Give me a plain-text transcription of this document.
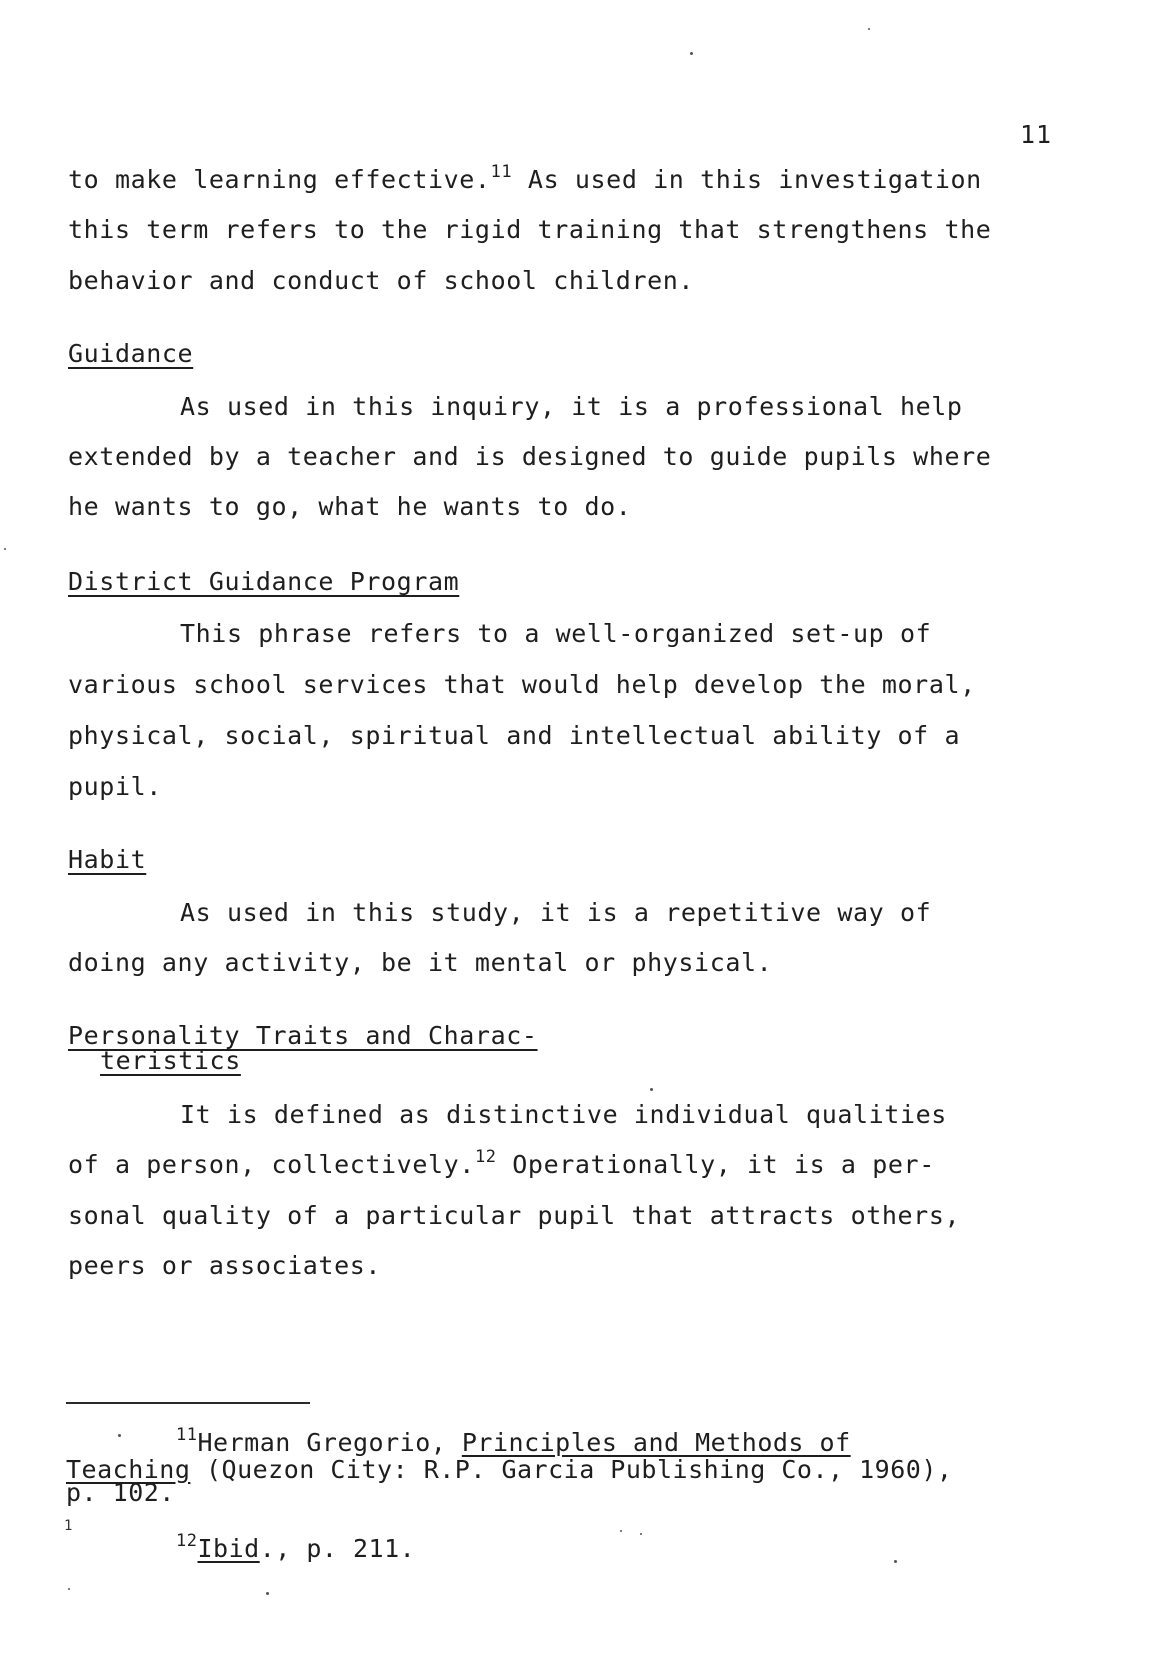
11
to make learning effective.$^{11}$ As used in this investigation
this term refers to the rigid training that strengthens the
behavior and conduct of school children.
Guidance
As used in this inquiry, it is a professional help
extended by a teacher and is designed to guide pupils where
he wants to go, what he wants to do.
District Guidance Program
This phrase refers to a well-organized set-up of
various school services that would help develop the moral,
physical, social, spiritual and intellectual ability of a
pupil.
Habit
As used in this study, it is a repetitive way of
doing any activity, be it mental or physical.
Personality Traits and Charac-
teristics
It is defined as distinctive individual qualities
of a person, collectively.$^{12}$ Operationally, it is a per-
sonal quality of a particular pupil that attracts others,
peers or associates.
$^{11}$Herman Gregorio, Principles and Methods of
Teaching (Quezon City: R.P. Garcia Publishing Co., 1960),
p. 102.
1
$^{12}$Ibid., p. 211.
